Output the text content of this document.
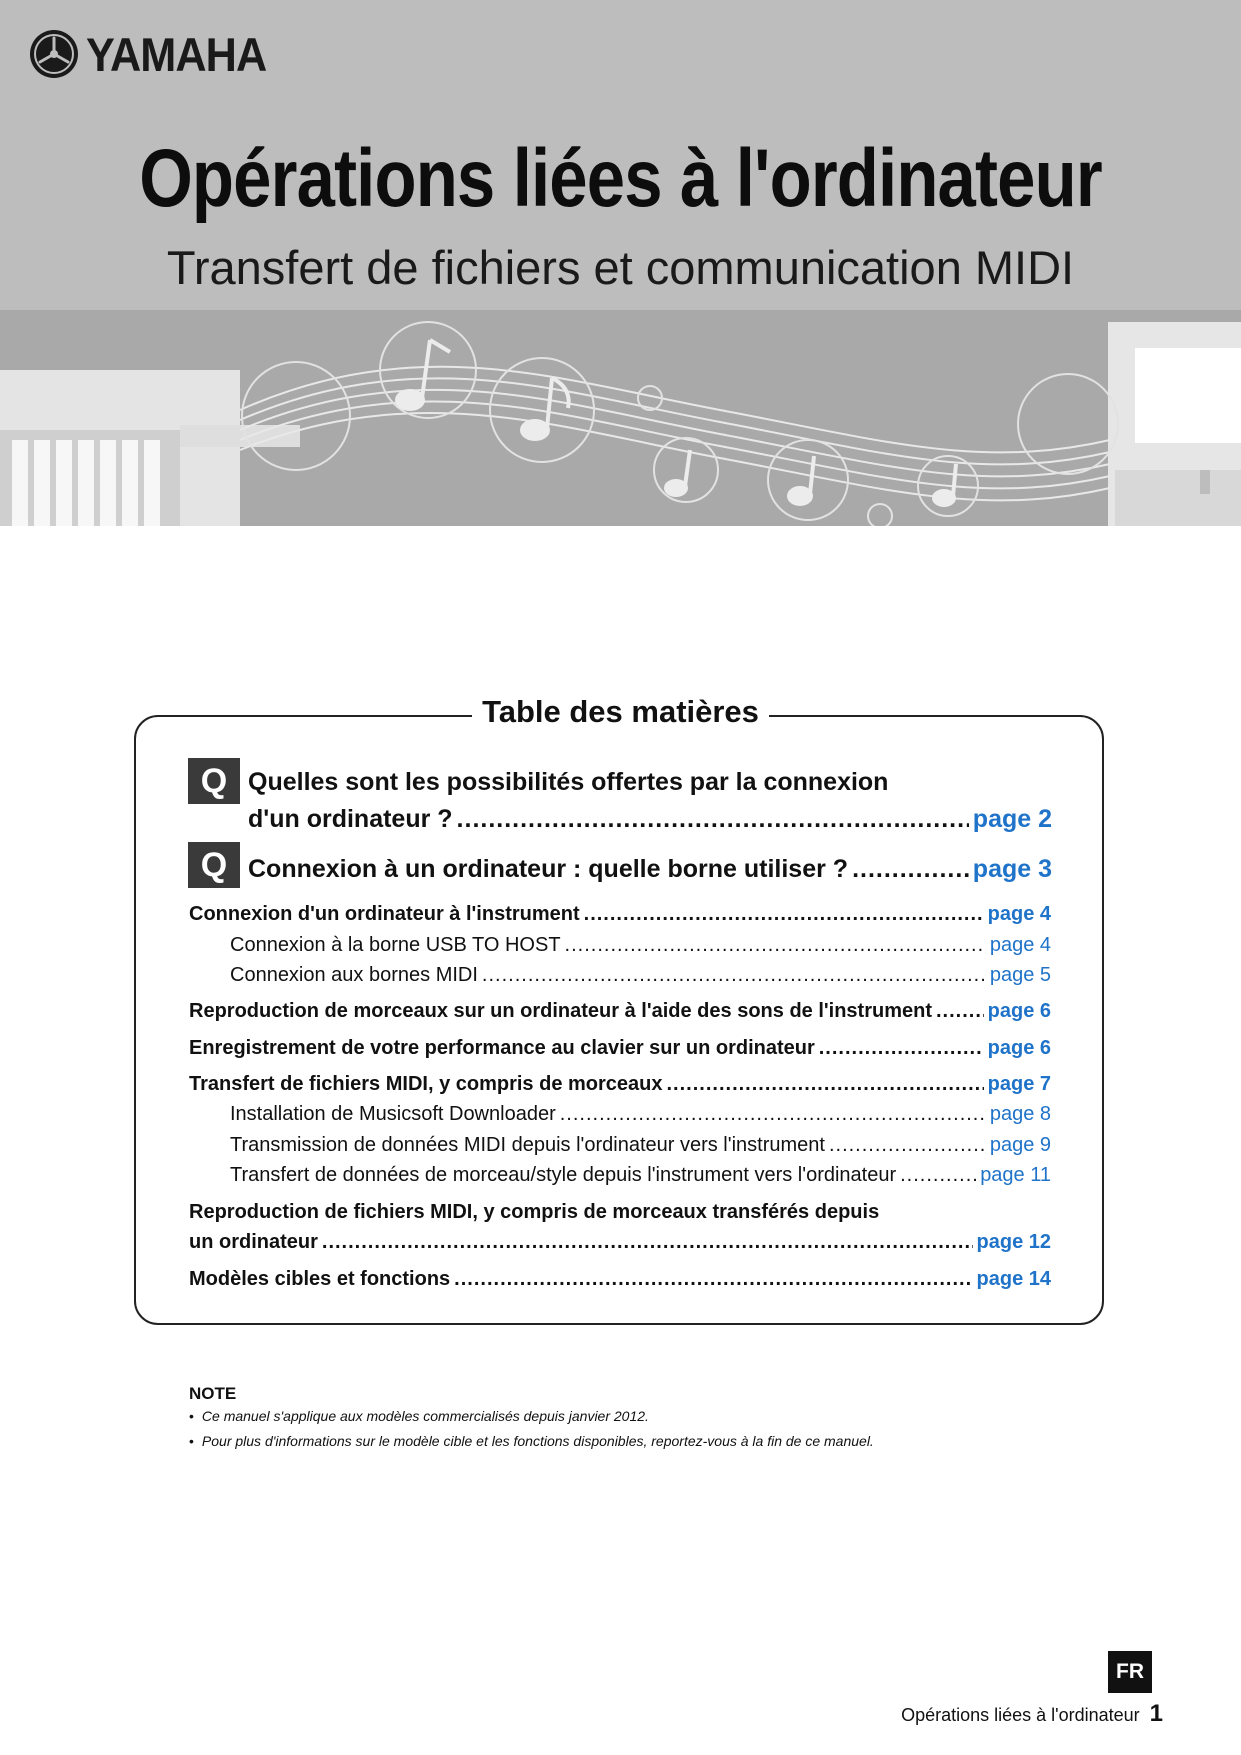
YAMAHA
Opérations liées à l'ordinateur
Transfert de fichiers et communication MIDI
Table des matières
Q Quelles sont les possibilités offertes par la connexion
d'un ordinateur ? .....	page 2
Q Connexion à un ordinateur : quelle borne utiliser ? .....	page 3
Connexion d'un ordinateur à l'instrument .....	page 4
Connexion à la borne USB TO HOST .....	page 4
Connexion aux bornes MIDI .....	page 5
Reproduction de morceaux sur un ordinateur à l'aide des sons de l'instrument .....	page 6
Enregistrement de votre performance au clavier sur un ordinateur .....	page 6
Transfert de fichiers MIDI, y compris de morceaux .....	page 7
Installation de Musicsoft Downloader .....	page 8
Transmission de données MIDI depuis l'ordinateur vers l'instrument .....	page 9
Transfert de données de morceau/style depuis l'instrument vers l'ordinateur .....	page 11
Reproduction de fichiers MIDI, y compris de morceaux transférés depuis
un ordinateur .....	page 12
Modèles cibles et fonctions .....	page 14
NOTE
• Ce manuel s'applique aux modèles commercialisés depuis janvier 2012.
• Pour plus d'informations sur le modèle cible et les fonctions disponibles, reportez-vous à la fin de ce manuel.
FR
Opérations liées à l'ordinateur 1
